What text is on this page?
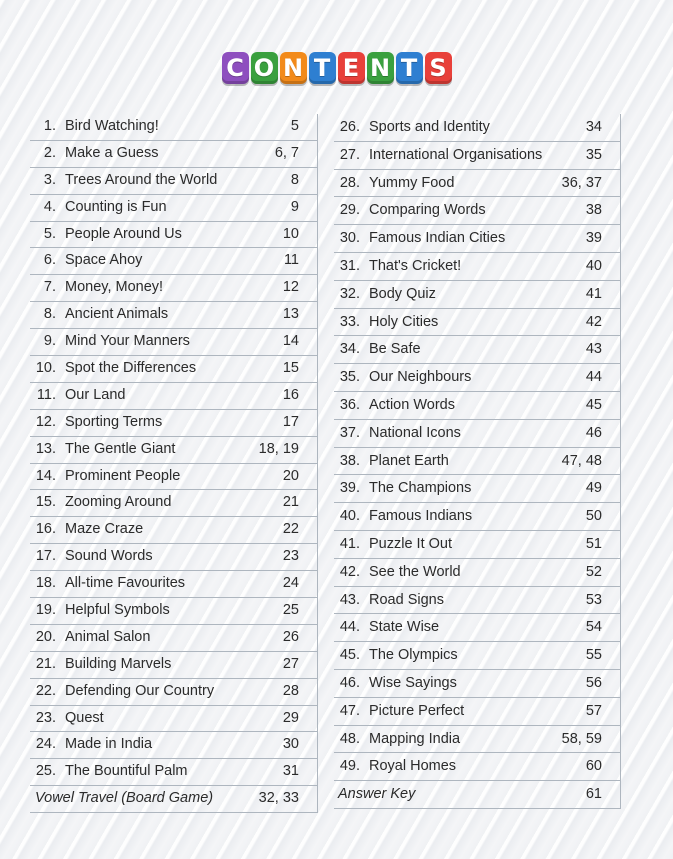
C O N T E N T S
1. Bird Watching!	5
2. Make a Guess	6, 7
3. Trees Around the World	8
4. Counting is Fun	9
5. People Around Us	10
6. Space Ahoy	11
7. Money, Money!	12
8. Ancient Animals	13
9. Mind Your Manners	14
10. Spot the Differences	15
11. Our Land	16
12. Sporting Terms	17
13. The Gentle Giant	18, 19
14. Prominent People	20
15. Zooming Around	21
16. Maze Craze	22
17. Sound Words	23
18. All-time Favourites	24
19. Helpful Symbols	25
20. Animal Salon	26
21. Building Marvels	27
22. Defending Our Country	28
23. Quest	29
24. Made in India	30
25. The Bountiful Palm	31
Vowel Travel (Board Game)	32, 33
26. Sports and Identity	34
27. International Organisations	35
28. Yummy Food	36, 37
29. Comparing Words	38
30. Famous Indian Cities	39
31. That's Cricket!	40
32. Body Quiz	41
33. Holy Cities	42
34. Be Safe	43
35. Our Neighbours	44
36. Action Words	45
37. National Icons	46
38. Planet Earth	47, 48
39. The Champions	49
40. Famous Indians	50
41. Puzzle It Out	51
42. See the World	52
43. Road Signs	53
44. State Wise	54
45. The Olympics	55
46. Wise Sayings	56
47. Picture Perfect	57
48. Mapping India	58, 59
49. Royal Homes	60
Answer Key	61
